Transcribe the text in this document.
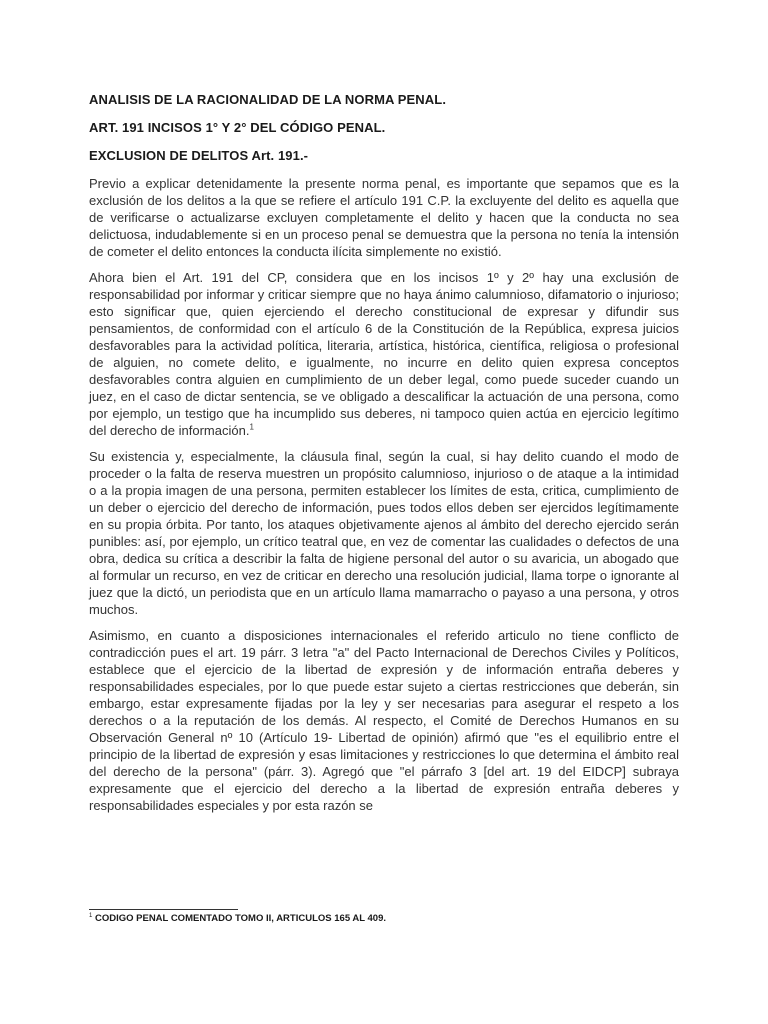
ANALISIS DE LA RACIONALIDAD DE LA NORMA PENAL.
ART. 191 INCISOS 1° Y 2° DEL CÓDIGO PENAL.
EXCLUSION DE DELITOS Art. 191.-

Previo a explicar detenidamente la presente norma penal, es importante que sepamos que es la exclusión de los delitos a la que se refiere el artículo 191 C.P. la excluyente del delito es aquella que de verificarse o actualizarse excluyen completamente el delito y hacen que la conducta no sea delictuosa, indudablemente si en un proceso penal se demuestra que la persona no tenía la intensión de cometer el delito entonces la conducta ilícita simplemente no existió.

Ahora bien el Art. 191 del CP, considera que en los incisos 1º y 2º hay una exclusión de responsabilidad por informar y criticar siempre que no haya ánimo calumnioso, difamatorio o injurioso; esto significar que, quien ejerciendo el derecho constitucional de expresar y difundir sus pensamientos, de conformidad con el artículo 6 de la Constitución de la República, expresa juicios desfavorables para la actividad política, literaria, artística, histórica, científica, religiosa o profesional de alguien, no comete delito, e igualmente, no incurre en delito quien expresa conceptos desfavorables contra alguien en cumplimiento de un deber legal, como puede suceder cuando un juez, en el caso de dictar sentencia, se ve obligado a descalificar la actuación de una persona, como por ejemplo, un testigo que ha incumplido sus deberes, ni tampoco quien actúa en ejercicio legítimo del derecho de información.$^1$

Su existencia y, especialmente, la cláusula final, según la cual, si hay delito cuando el modo de proceder o la falta de reserva muestren un propósito calumnioso, injurioso o de ataque a la intimidad o a la propia imagen de una persona, permiten establecer los límites de esta, critica, cumplimiento de un deber o ejercicio del derecho de información, pues todos ellos deben ser ejercidos legítimamente en su propia órbita. Por tanto, los ataques objetivamente ajenos al ámbito del derecho ejercido serán punibles: así, por ejemplo, un crítico teatral que, en vez de comentar las cualidades o defectos de una obra, dedica su crítica a describir la falta de higiene personal del autor o su avaricia, un abogado que al formular un recurso, en vez de criticar en derecho una resolución judicial, llama torpe o ignorante al juez que la dictó, un periodista que en un artículo llama mamarracho o payaso a una persona, y otros muchos.

Asimismo, en cuanto a disposiciones internacionales el referido articulo no tiene conflicto de contradicción pues el art. 19 párr. 3 letra "a" del Pacto Internacional de Derechos Civiles y Políticos, establece que el ejercicio de la libertad de expresión y de información entraña deberes y responsabilidades especiales, por lo que puede estar sujeto a ciertas restricciones que deberán, sin embargo, estar expresamente fijadas por la ley y ser necesarias para asegurar el respeto a los derechos o a la reputación de los demás. Al respecto, el Comité de Derechos Humanos en su Observación General nº 10 (Artículo 19- Libertad de opinión) afirmó que "es el equilibrio entre el principio de la libertad de expresión y esas limitaciones y restricciones lo que determina el ámbito real del derecho de la persona" (párr. 3). Agregó que "el párrafo 3 [del art. 19 del EIDCP] subraya expresamente que el ejercicio del derecho a la libertad de expresión entraña deberes y responsabilidades especiales y por esta razón se

$^1$ CODIGO PENAL COMENTADO TOMO II, ARTICULOS 165 AL 409.
